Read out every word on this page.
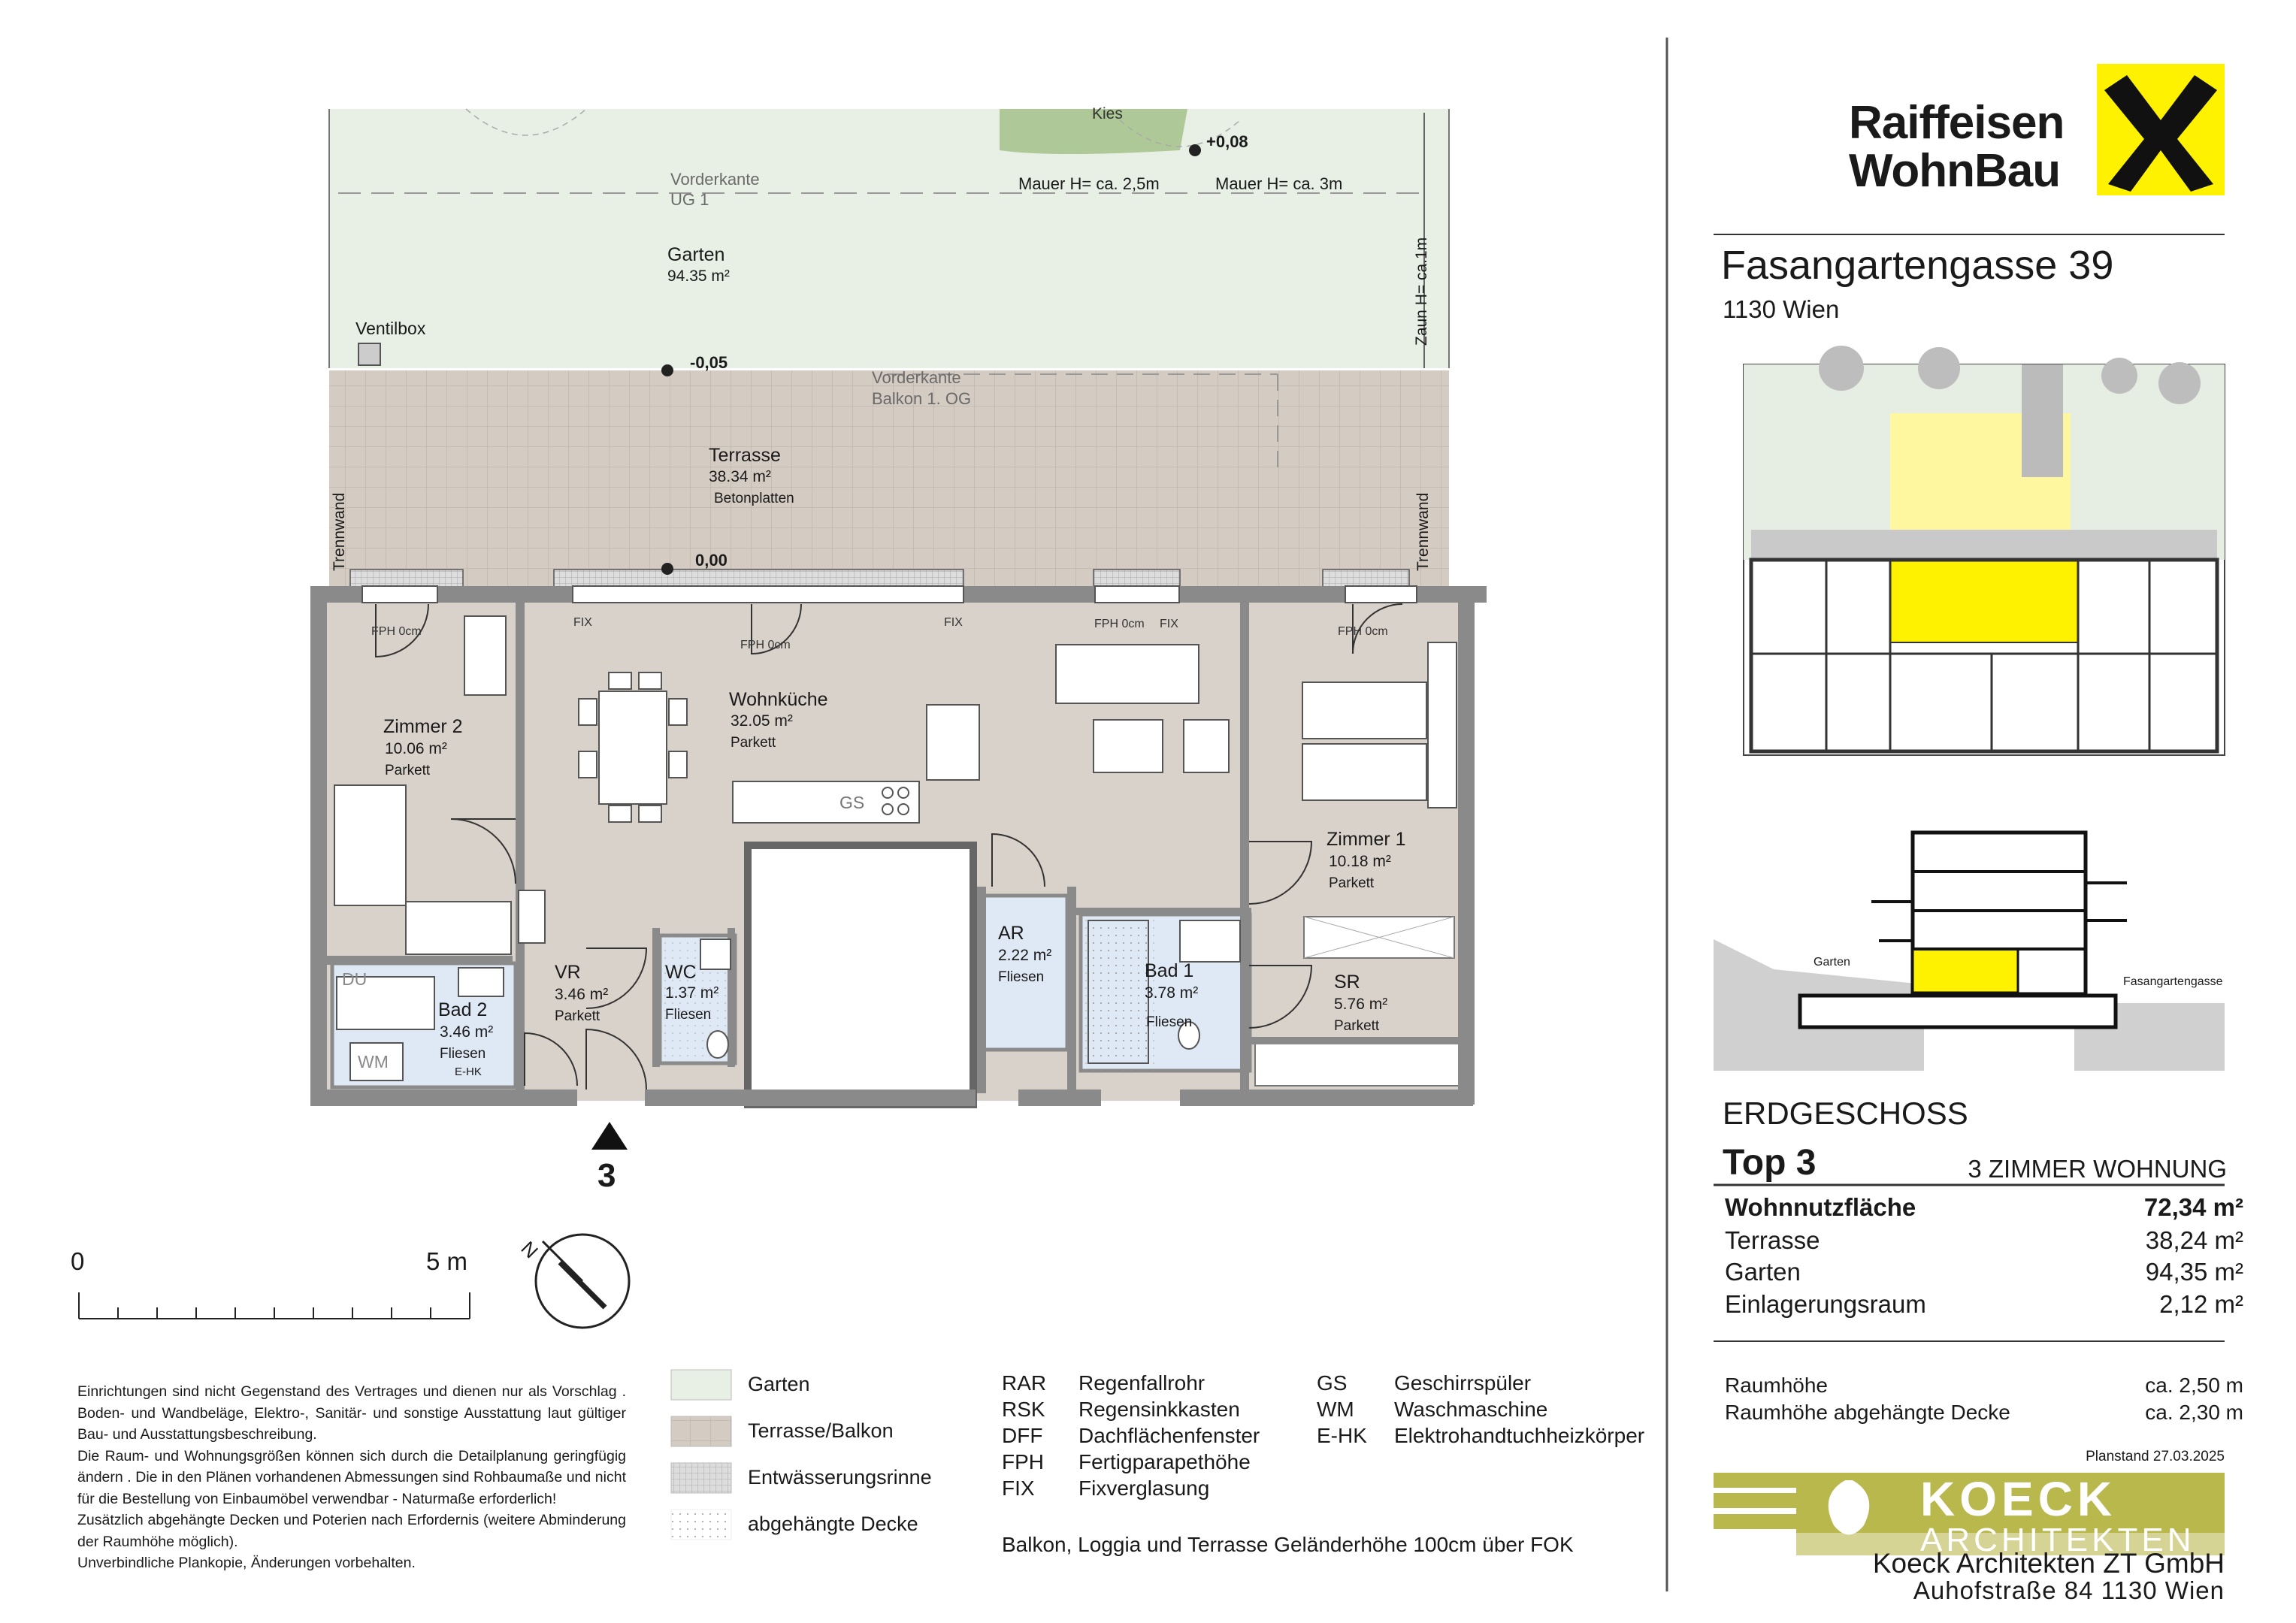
Kies
+0,08
Mauer H= ca. 2,5m	Mauer H= ca. 3m
Vorderkante
UG 1
Garten
94.35 m²	Zaun H= ca.1m
Ventilbox
-0,05
Vorderkante
Balkon 1. OG
Terrasse
38.34 m²
Betonplatten
0,00
Trennwand	Trennwand
FPH 0cm
FIX
FPH 0cm
FIX	FPH 0cm FIX
FPH 0cm
Zimmer 2
10.06 m²
Parkett
Wohnküche
32.05 m²
Parkett
GS
Zimmer 1
10.18 m²
Parkett
AR
2.22 m²
Fliesen	Bad 1
3.78 m²
Fliesen
SR
5.76 m²
Parkett
VR
3.46 m²
Parkett
WC
1.37 m²
Fliesen
DU
Bad 2
3.46 m²
Fliesen
WM
E-HK
3
0	5 m	N

Einrichtungen sind nicht Gegenstand des Vertrages und dienen nur als Vorschlag . Boden- und Wandbeläge, Elektro-, Sanitär- und sonstige Ausstattung laut gültiger Bau- und Ausstattungsbeschreibung.

Die Raum- und Wohnungsgrößen können sich durch die Detailplanung geringfügig ändern . Die in den Plänen vorhandenen Abmessungen sind Rohbaumaße und nicht für die Bestellung von Einbaumöbel verwendbar - Naturmaße erforderlich!

Zusätzlich abgehängte Decken und Poterien nach Erfordernis (weitere Abminderung der Raumhöhe möglich).

Unverbindliche Plankopie, Änderungen vorbehalten.

Garten
Terrasse/Balkon
Entwässerungsrinne
abgehängte Decke
RAR Regenfallrohr
RSK Regensinkkasten
DFF Dachflächenfenster
FPH Fertigparapethöhe
FIX Fixverglasung
GS Geschirrspüler
WM Waschmaschine
E-HK Elektrohandtuchheizkörper
Balkon, Loggia und Terrasse Geländerhöhe 100cm über FOK
Raiffeisen
WohnBau
Fasangartengasse 39
1130 Wien
Garten
Fasangartengasse
ERDGESCHOSS
Top 3	3 ZIMMER WOHNUNG
Wohnnutzfläche	72,34 m²
Terrasse	38,24 m²
Garten	94,35 m²
Einlagerungsraum	2,12 m²
Raumhöhe	ca. 2,50 m
Raumhöhe abgehängte Decke	ca. 2,30 m
Planstand 27.03.2025
KOECK
ARCHITEKTEN
Koeck Architekten ZT GmbH
Auhofstraße 84 1130 Wien
